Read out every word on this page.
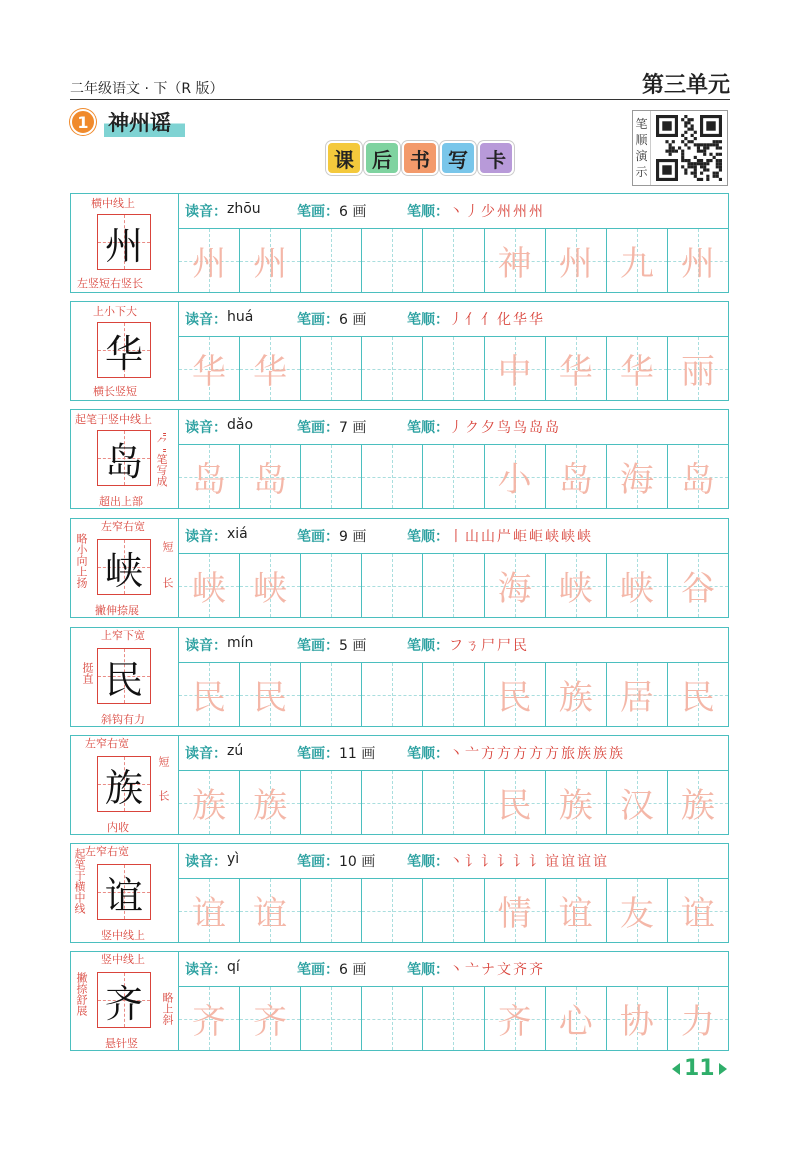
二年级语文 · 下（R 版）	第三单元
1 神州谣
课 后 书 写 卡
笔
顺
演
示
州
横中线上
左竖短右竖长
读音： zhōu	笔画： 6 画	笔顺： 丶丿少州州州
州 州	神 州 九 州
华
上小下大
横长竖短
读音： huá	笔画： 6 画	笔顺： 丿亻亻化华华
华 华	中 华 华 丽
岛
起笔于竖中线上
"⺈"笔写成
超出上部
读音： dǎo	笔画： 7 画	笔顺： 丿ク夕鸟鸟岛岛
岛 岛	小 岛 海 岛
峡
左窄右宽
略小向上扬	短
长
撇伸捺展
读音： xiá	笔画： 9 画	笔顺： 丨山山屵岠岠峡峡峡
峡 峡	海 峡 峡 谷
民
上窄下宽
挺直
斜钩有力
读音： mín	笔画： 5 画	笔顺： フㄋ尸尸民
民 民	民 族 居 民
族
左窄右宽
短
长
内收
读音： zú	笔画： 11 画 笔顺： 丶亠方方方方方旅族族族
族 族	民 族 汉 族
谊
左窄右宽
起笔于横中线
竖中线上
读音： yì	笔画： 10 画 笔顺： 丶讠讠讠讠讠谊谊谊谊
谊 谊	情 谊 友 谊
齐
竖中线上
撇捺舒展	略上斜
悬针竖
读音： qí	笔画： 6 画	笔顺： 丶亠ナ文齐齐
齐 齐	齐 心 协 力
11
